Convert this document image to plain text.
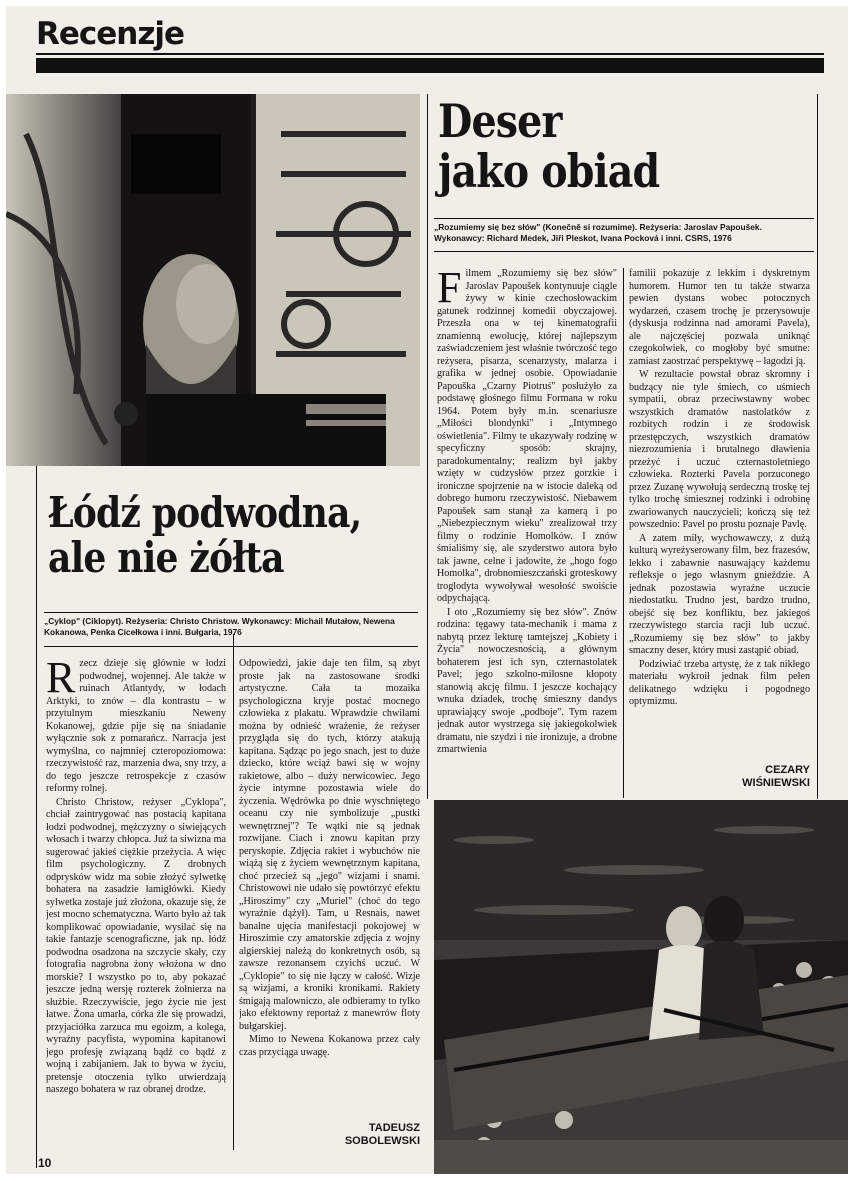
Recenzje
Łódź podwodna,
ale nie żółta
„Cyklop" (Ciklopyt). Reżyseria: Christo Christow. Wykonawcy: Michail Mutałow, Newena Kokanowa, Penka Cicełkowa i inni. Bułgaria, 1976
R zecz dzieje się głównie w łodzi podwodnej, wojennej. Ale także w ruinach Atlantydy, w łodach Arktyki, to znów – dla kontrastu – w przytulnym mieszkaniu Neweny Kokanowej, gdzie pije się na śniadanie wyłącznie sok z pomarańcz. Narracja jest wymyślna, co najmniej czteropoziomowa: rzeczywistość raz, marzenia dwa, sny trzy, a do tego jeszcze retrospekcje z czasów reformy rolnej.

Christo Christow, reżyser „Cyklopa", chciał zaintrygować nas postacią kapitana łodzi podwodnej, mężczyzny o siwiejących włosach i twarzy chłopca. Już ta siwizna ma sugerować jakieś ciężkie przeżycia. A więc film psychologiczny. Z drobnych odprysków widz ma sobie złożyć sylwetkę bohatera na zasadzie łamigłówki. Kiedy sylwetka zostaje już złożona, okazuje się, że jest mocno schematyczna. Warto było aż tak komplikować opowiadanie, wysilać się na takie fantazje scenograficzne, jak np. łódź podwodna osadzona na szczycie skały, czy fotografia nagrobna żony włożona w dno morskie? I wszystko po to, aby pokazać jeszcze jedną wersję rozterek żołnierza na służbie. Rzeczywiście, jego życie nie jest łatwe. Żona umarła, córka źle się prowadzi, przyjaciółka zarzuca mu egoizm, a kolega, wyraźny pacyfista, wypomina kapitanowi jego profesję związaną bądź co bądź z wojną i zabijaniem. Jak to bywa w życiu, pretensje otoczenia tylko utwierdzają naszego bohatera w raz obranej drodze.

Odpowiedzi, jakie daje ten film, są zbyt proste jak na zastosowane środki artystyczne. Cała ta mozaika psychologiczna kryje postać mocnego człowieka z plakatu. Wprawdzie chwilami można by odnieść wrażenie, że reżyser przygląda się do tych, którzy atakują kapitana. Sądząc po jego snach, jest to duże dziecko, które wciąż bawi się w wojny rakietowe, albo – duży nerwicowiec. Jego życie intymne pozostawia wiele do życzenia. Wędrówka po dnie wyschniętego oceanu czy nie symbolizuje „pustki wewnętrznej"? Te wątki nie są jednak rozwijane. Ciach i znowu kapitan przy peryskopie. Zdjęcia rakiet i wybuchów nie wiążą się z życiem wewnętrznym kapitana, choć przecież są „jego" wizjami i snami. Christowowi nie udało się powtórzyć efektu „Hiroszimy" czy „Muriel" (choć do tego wyraźnie dążył). Tam, u Resnais, nawet banalne ujęcia manifestacji pokojowej w Hiroszimie czy amatorskie zdjęcia z wojny algierskiej należą do konkretnych osób, są zawsze rezonansem czyichś uczuć. W „Cyklopie" to się nie łączy w całość. Wizje są wizjami, a kroniki kronikami. Rakiety śmigają malowniczo, ale odbieramy to tylko jako efektowny reportaż z manewrów floty bułgarskiej.

Mimo to Newena Kokanowa przez cały czas przyciąga uwagę.

TADEUSZ
SOBOLEWSKI
Deser
jako obiad
„Rozumiemy się bez słów" (Konečně si rozumime). Reżyseria: Jaroslav Papoušek. Wykonawcy: Richard Medek, Jiři Pleskot, Ivana Pocková i inni. CSRS, 1976
F ilmem „Rozumiemy się bez słów" Jaroslav Papoušek kontynuuje ciągle żywy w kinie czechosłowackim gatunek rodzinnej komedii obyczajowej. Przeszła ona w tej kinematografii znamienną ewolucję, której najlepszym zaświadczeniem jest właśnie twórczość tego reżysera, pisarza, scenarzysty, malarza i grafika w jednej osobie. Opowiadanie Papouška „Czarny Piotruś" posłużyło za podstawę głośnego filmu Formana w roku 1964. Potem były m.in. scenariusze „Miłości blondynki" i „Intymnego oświetlenia". Filmy te ukazywały rodzinę w specyficzny sposób: skrajny, paradokumentalny; realizm był jakby wzięty w cudzysłów przez gorzkie i ironiczne spojrzenie na w istocie daleką od dobrego humoru rzeczywistość. Niebawem Papoušek sam stanął za kamerą i po „Niebezpiecznym wieku" zrealizował trzy filmy o rodzinie Homolków. I znów śmialiśmy się, ale szyderstwo autora było tak jawne, celne i jadowite, że „hogo fogo Homolka", drobnomieszczański groteskowy troglodyta wywoływał wesołość swoiście odpychającą.

I oto „Rozumiemy się bez słów". Znów rodzina: tęgawy tata-mechanik i mama z nabytą przez lekturę tamtejszej „Kobiety i Życia" nowoczesnością, a głównym bohaterem jest ich syn, czternastolatek Pavel; jego szkolno-miłosne kłopoty stanowią akcję filmu. I jeszcze kochający wnuka dziadek, trochę śmieszny dandys uprawiający swoje „podboje". Tym razem jednak autor wystrzega się jakiegokolwiek dramatu, nie szydzi i nie ironizuje, a drobne zmartwienia

familii pokazuje z lekkim i dyskretnym humorem. Humor ten tu także stwarza pewien dystans wobec potocznych wydarzeń, czasem trochę je przerysowuje (dyskusja rodzinna nad amorami Pavela), ale najczęściej pozwala uniknąć czegokolwiek, co mogłoby być smutne: zamiast zaostrzać perspektywę – łagodzi ją.

W rezultacie powstał obraz skromny i budzący nie tyle śmiech, co uśmiech sympatii, obraz przeciwstawny wobec wszystkich dramatów nastolatków z rozbitych rodzin i ze środowisk przestępczych, wszystkich dramatów niezrozumienia i brutalnego dławienia przeżyć i uczuć czternastoletniego człowieka. Rozterki Pavela porzuconego przez Zuzanę wywołują serdeczną troskę tej tylko trochę śmiesznej rodzinki i odrobinę zwariowanych nauczycieli; kończą się też powszednio: Pavel po prostu poznaje Pavlę.

A zatem miły, wychowawczy, z dużą kulturą wyreżyserowany film, bez frazesów, lekko i zabawnie nasuwający każdemu refleksje o jego własnym gnieździe. A jednak pozostawia wyraźne uczucie niedostatku. Trudno jest, bardzo trudno, obejść się bez konfliktu, bez jakiegoś rzeczywistego starcia racji lub uczuć. „Rozumiemy się bez słów" to jakby smaczny deser, który musi zastąpić obiad.

Podziwiać trzeba artystę, że z tak nikłego materiału wykroił jednak film pełen delikatnego wdzięku i pogodnego optymizmu.

CEZARY
WIŚNIEWSKI
10
